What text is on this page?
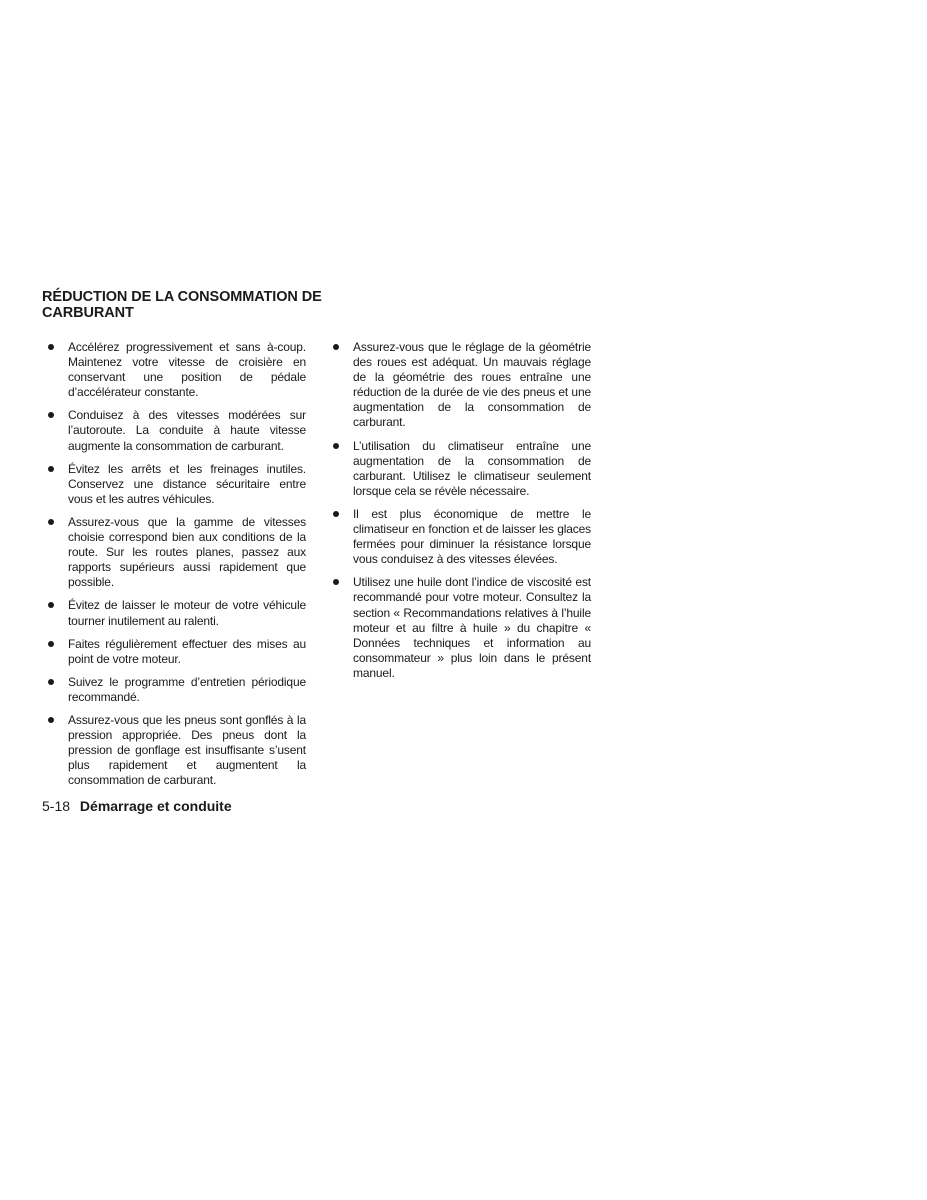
RÉDUCTION DE LA CONSOMMATION DE CARBURANT
Accélérez progressivement et sans à-coup. Maintenez votre vitesse de croisière en conservant une position de pédale d’accélérateur constante.
Conduisez à des vitesses modérées sur l’autoroute. La conduite à haute vitesse augmente la consommation de carburant.
Évitez les arrêts et les freinages inutiles. Conservez une distance sécuritaire entre vous et les autres véhicules.
Assurez-vous que la gamme de vitesses choisie correspond bien aux conditions de la route. Sur les routes planes, passez aux rapports supérieurs aussi rapidement que possible.
Évitez de laisser le moteur de votre véhicule tourner inutilement au ralenti.
Faites régulièrement effectuer des mises au point de votre moteur.
Suivez le programme d’entretien périodique recommandé.
Assurez-vous que les pneus sont gonflés à la pression appropriée. Des pneus dont la pression de gonflage est insuffisante s’usent plus rapidement et augmentent la consommation de carburant.
Assurez-vous que le réglage de la géométrie des roues est adéquat. Un mauvais réglage de la géométrie des roues entraîne une réduction de la durée de vie des pneus et une augmentation de la consommation de carburant.
L’utilisation du climatiseur entraîne une augmentation de la consommation de carburant. Utilisez le climatiseur seulement lorsque cela se révèle nécessaire.
Il est plus économique de mettre le climatiseur en fonction et de laisser les glaces fermées pour diminuer la résistance lorsque vous conduisez à des vitesses élevées.
Utilisez une huile dont l’indice de viscosité est recommandé pour votre moteur. Consultez la section « Recommandations relatives à l’huile moteur et au filtre à huile » du chapitre « Données techniques et information au consommateur » plus loin dans le présent manuel.
5-18 Démarrage et conduite
